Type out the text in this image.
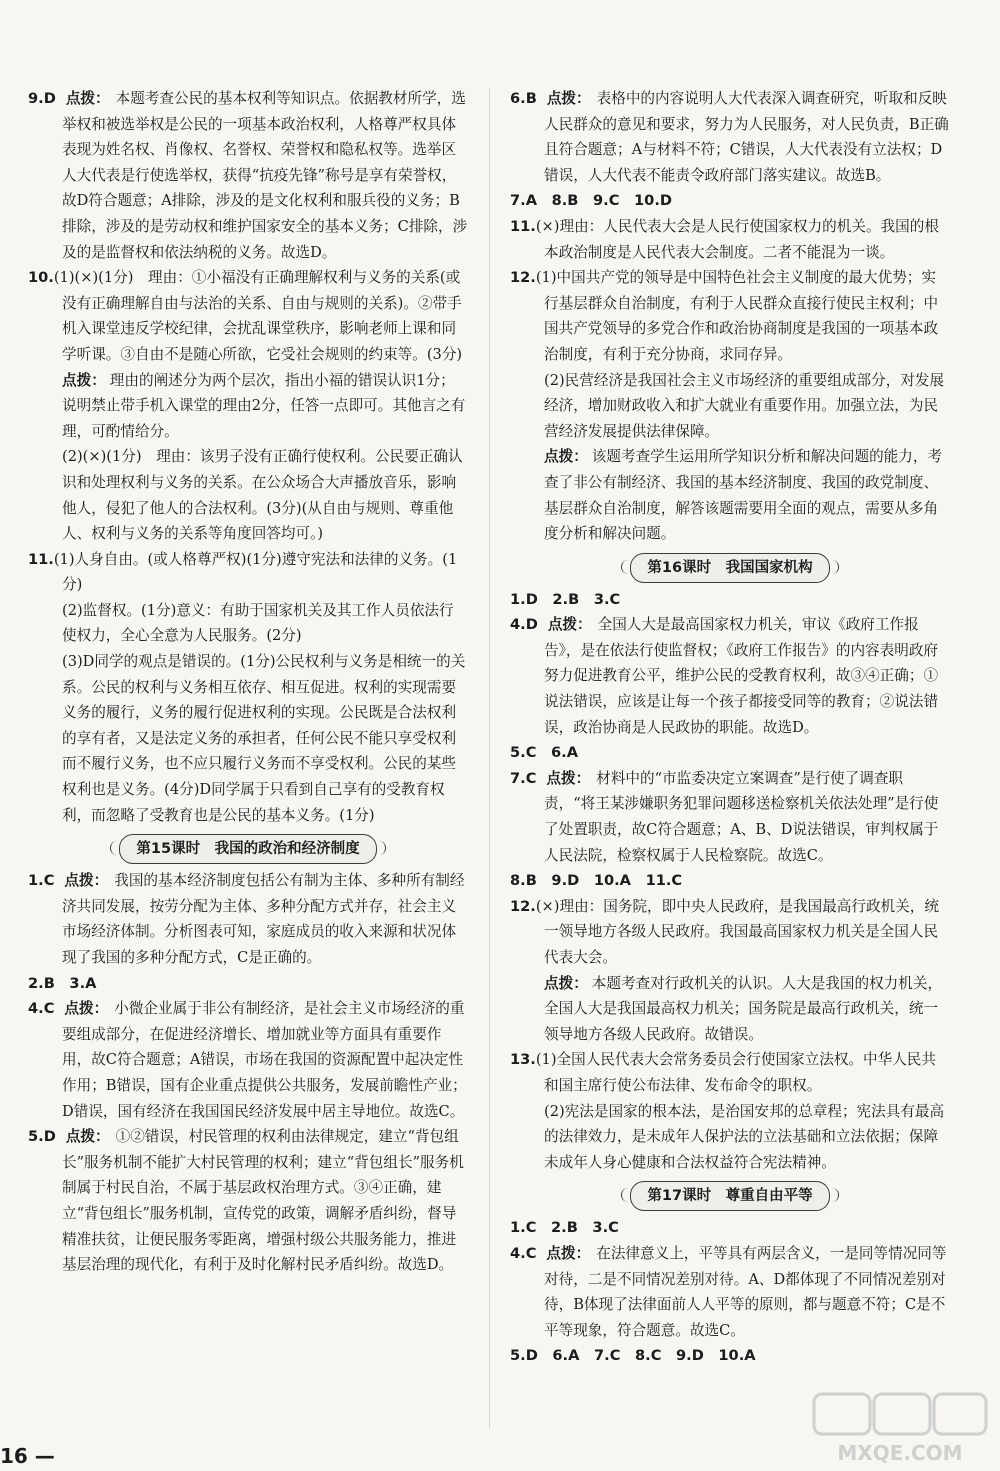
9.D 点拨： 本题考查公民的基本权利等知识点。依据教材所学，选举权和被选举权是公民的一项基本政治权利，人格尊严权具体表现为姓名权、肖像权、名誉权、荣誉权和隐私权等。选举区人大代表是行使选举权，获得“抗疫先锋”称号是享有荣誉权，故D符合题意；A排除，涉及的是文化权利和服兵役的义务；B排除，涉及的是劳动权和维护国家安全的基本义务；C排除，涉及的是监督权和依法纳税的义务。故选D。

10.(1)(×)(1分)　理由：①小福没有正确理解权利与义务的关系(或没有正确理解自由与法治的关系、自由与规则的关系)。②带手机入课堂违反学校纪律，会扰乱课堂秩序，影响老师上课和同学听课。③自由不是随心所欲，它受社会规则的约束等。(3分)

点拨： 理由的阐述分为两个层次，指出小福的错误认识1分；说明禁止带手机入课堂的理由2分，任答一点即可。其他言之有理，可酌情给分。

(2)(×)(1分)　理由：该男子没有正确行使权利。公民要正确认识和处理权利与义务的关系。在公众场合大声播放音乐，影响他人，侵犯了他人的合法权利。(3分)(从自由与规则、尊重他人、权利与义务的关系等角度回答均可。)

11.(1)人身自由。(或人格尊严权)(1分)遵守宪法和法律的义务。(1分)

(2)监督权。(1分)意义：有助于国家机关及其工作人员依法行使权力，全心全意为人民服务。(2分)

(3)D同学的观点是错误的。(1分)公民权利与义务是相统一的关系。公民的权利与义务相互依存、相互促进。权利的实现需要义务的履行，义务的履行促进权利的实现。公民既是合法权利的享有者，又是法定义务的承担者，任何公民不能只享受权利而不履行义务，也不应只履行义务而不享受权利。公民的某些权利也是义务。(4分)D同学属于只看到自己享有的受教育权利，而忽略了受教育也是公民的基本义务。(1分)

第15课时　我国的政治和经济制度

1.C 点拨： 我国的基本经济制度包括公有制为主体、多种所有制经济共同发展，按劳分配为主体、多种分配方式并存，社会主义市场经济体制。分析图表可知，家庭成员的收入来源和状况体现了我国的多种分配方式，C是正确的。

2.B　3.A

4.C 点拨： 小微企业属于非公有制经济，是社会主义市场经济的重要组成部分，在促进经济增长、增加就业等方面具有重要作用，故C符合题意；A错误，市场在我国的资源配置中起决定性作用；B错误，国有企业重点提供公共服务，发展前瞻性产业；D错误，国有经济在我国国民经济发展中居主导地位。故选C。

5.D 点拨： ①②错误，村民管理的权利由法律规定，建立“背包组长”服务机制不能扩大村民管理的权利；建立“背包组长”服务机制属于村民自治，不属于基层政权治理方式。③④正确，建立“背包组长”服务机制，宣传党的政策，调解矛盾纠纷，督导精准扶贫，让便民服务零距离，增强村级公共服务能力，推进基层治理的现代化，有利于及时化解村民矛盾纠纷。故选D。

6.B 点拨： 表格中的内容说明人大代表深入调查研究，听取和反映人民群众的意见和要求，努力为人民服务，对人民负责，B正确且符合题意；A与材料不符；C错误，人大代表没有立法权；D错误，人大代表不能责令政府部门落实建议。故选B。

7.A　8.B　9.C　10.D

11.(×)理由：人民代表大会是人民行使国家权力的机关。我国的根本政治制度是人民代表大会制度。二者不能混为一谈。

12.(1)中国共产党的领导是中国特色社会主义制度的最大优势；实行基层群众自治制度，有利于人民群众直接行使民主权利；中国共产党领导的多党合作和政治协商制度是我国的一项基本政治制度，有利于充分协商，求同存异。

(2)民营经济是我国社会主义市场经济的重要组成部分，对发展经济，增加财政收入和扩大就业有重要作用。加强立法，为民营经济发展提供法律保障。

点拨： 该题考查学生运用所学知识分析和解决问题的能力，考查了非公有制经济、我国的基本经济制度、我国的政党制度、基层群众自治制度，解答该题需要用全面的观点，需要从多角度分析和解决问题。

第16课时　我国国家机构

1.D　2.B　3.C

4.D 点拨： 全国人大是最高国家权力机关，审议《政府工作报告》，是在依法行使监督权；《政府工作报告》的内容表明政府努力促进教育公平，维护公民的受教育权利，故③④正确；①说法错误，应该是让每一个孩子都接受同等的教育；②说法错误，政治协商是人民政协的职能。故选D。

5.C　6.A

7.C 点拨： 材料中的“市监委决定立案调查”是行使了调查职责，“将王某涉嫌职务犯罪问题移送检察机关依法处理”是行使了处置职责，故C符合题意；A、B、D说法错误，审判权属于人民法院，检察权属于人民检察院。故选C。

8.B　9.D　10.A　11.C

12.(×)理由：国务院，即中央人民政府，是我国最高行政机关，统一领导地方各级人民政府。我国最高国家权力机关是全国人民代表大会。

点拨： 本题考查对行政机关的认识。人大是我国的权力机关，全国人大是我国最高权力机关；国务院是最高行政机关，统一领导地方各级人民政府。故错误。

13.(1)全国人民代表大会常务委员会行使国家立法权。中华人民共和国主席行使公布法律、发布命令的职权。

(2)宪法是国家的根本法，是治国安邦的总章程；宪法具有最高的法律效力，是未成年人保护法的立法基础和立法依据；保障未成年人身心健康和合法权益符合宪法精神。

第17课时　尊重自由平等

1.C　2.B　3.C

4.C 点拨： 在法律意义上，平等具有两层含义，一是同等情况同等对待，二是不同情况差别对待。A、D都体现了不同情况差别对待，B体现了法律面前人人平等的原则，都与题意不符；C是不平等现象，符合题意。故选C。

5.D　6.A　7.C　8.C　9.D　10.A

16 —	MXQE.COM
